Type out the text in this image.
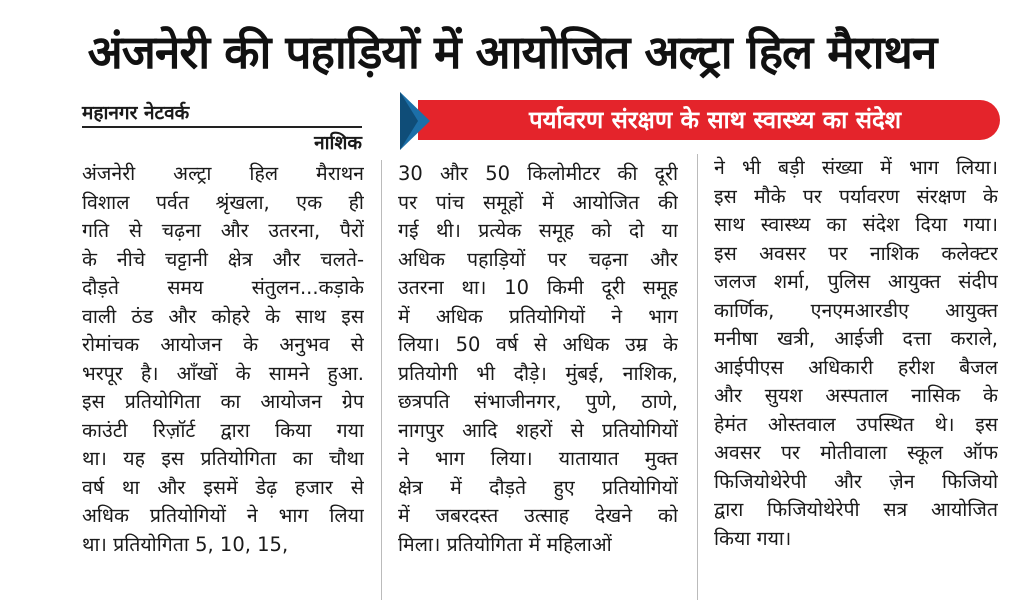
अंजनेरी की पहाड़ियों में आयोजित अल्ट्रा हिल मैराथन
महानगर नेटवर्क
नाशिक
पर्यावरण संरक्षण के साथ स्वास्थ्य का संदेश
अंजनेरी अल्ट्रा हिल मैराथन
विशाल पर्वत श्रृंखला, एक ही
गति से चढ़ना और उतरना, पैरों
के नीचे चट्टानी क्षेत्र और चलते-
दौड़ते समय संतुलन...कड़ाके
वाली ठंड और कोहरे के साथ इस
रोमांचक आयोजन के अनुभव से
भरपूर है। आँखों के सामने हुआ.
इस प्रतियोगिता का आयोजन ग्रेप
काउंटी रिज़ॉर्ट द्वारा किया गया
था। यह इस प्रतियोगिता का चौथा
वर्ष था और इसमें डेढ़ हजार से
अधिक प्रतियोगियों ने भाग लिया
था। प्रतियोगिता 5, 10, 15,
30 और 50 किलोमीटर की दूरी
पर पांच समूहों में आयोजित की
गई थी। प्रत्येक समूह को दो या
अधिक पहाड़ियों पर चढ़ना और
उतरना था। 10 किमी दूरी समूह
में अधिक प्रतियोगियों ने भाग
लिया। 50 वर्ष से अधिक उम्र के
प्रतियोगी भी दौड़े। मुंबई, नाशिक,
छत्रपति संभाजीनगर, पुणे, ठाणे,
नागपुर आदि शहरों से प्रतियोगियों
ने भाग लिया। यातायात मुक्त
क्षेत्र में दौड़ते हुए प्रतियोगियों
में जबरदस्त उत्साह देखने को
मिला। प्रतियोगिता में महिलाओं
ने भी बड़ी संख्या में भाग लिया।
इस मौके पर पर्यावरण संरक्षण के
साथ स्वास्थ्य का संदेश दिया गया।
इस अवसर पर नाशिक कलेक्टर
जलज शर्मा, पुलिस आयुक्त संदीप
कार्णिक, एनएमआरडीए आयुक्त
मनीषा खत्री, आईजी दत्ता कराले,
आईपीएस अधिकारी हरीश बैजल
और सुयश अस्पताल नासिक के
हेमंत ओस्तवाल उपस्थित थे। इस
अवसर पर मोतीवाला स्कूल ऑफ
फिजियोथेरेपी और ज़ेन फिजियो
द्वारा फिजियोथेरेपी सत्र आयोजित
किया गया।
